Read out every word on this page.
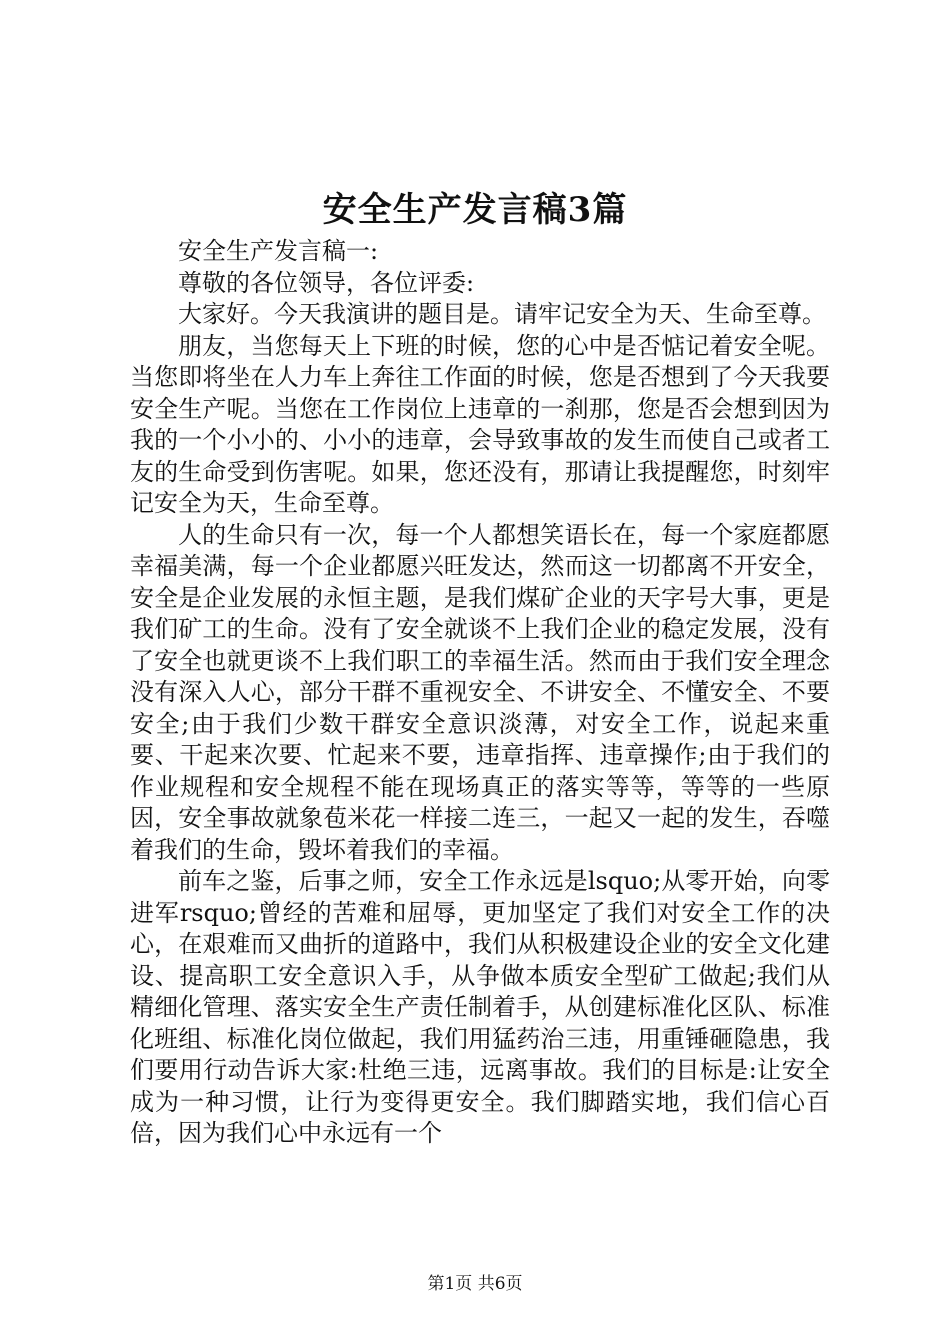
安全生产发言稿3篇

安全生产发言稿一:

尊敬的各位领导，各位评委:

大家好。今天我演讲的题目是。请牢记安全为天、生命至尊。

朋友，当您每天上下班的时候，您的心中是否惦记着安全呢。当您即将坐在人力车上奔往工作面的时候，您是否想到了今天我要安全生产呢。当您在工作岗位上违章的一刹那，您是否会想到因为我的一个小小的、小小的违章，会导致事故的发生而使自己或者工友的生命受到伤害呢。如果，您还没有，那请让我提醒您，时刻牢记安全为天，生命至尊。

人的生命只有一次，每一个人都想笑语长在，每一个家庭都愿幸福美满，每一个企业都愿兴旺发达，然而这一切都离不开安全，安全是企业发展的永恒主题，是我们煤矿企业的天字号大事，更是我们矿工的生命。没有了安全就谈不上我们企业的稳定发展，没有了安全也就更谈不上我们职工的幸福生活。然而由于我们安全理念没有深入人心，部分干群不重视安全、不讲安全、不懂安全、不要安全;由于我们少数干群安全意识淡薄，对安全工作，说起来重要、干起来次要、忙起来不要，违章指挥、违章操作;由于我们的作业规程和安全规程不能在现场真正的落实等等，等等的一些原因，安全事故就象苞米花一样接二连三，一起又一起的发生，吞噬着我们的生命，毁坏着我们的幸福。

前车之鉴，后事之师，安全工作永远是lsquo;从零开始，向零进军rsquo;曾经的苦难和屈辱，更加坚定了我们对安全工作的决心，在艰难而又曲折的道路中，我们从积极建设企业的安全文化建设、提高职工安全意识入手，从争做本质安全型矿工做起;我们从精细化管理、落实安全生产责任制着手，从创建标准化区队、标准化班组、标准化岗位做起，我们用猛药治三违，用重锤砸隐患，我们要用行动告诉大家:杜绝三违，远离事故。我们的目标是:让安全成为一种习惯，让行为变得更安全。我们脚踏实地，我们信心百倍，因为我们心中永远有一个

第1页 共6页
